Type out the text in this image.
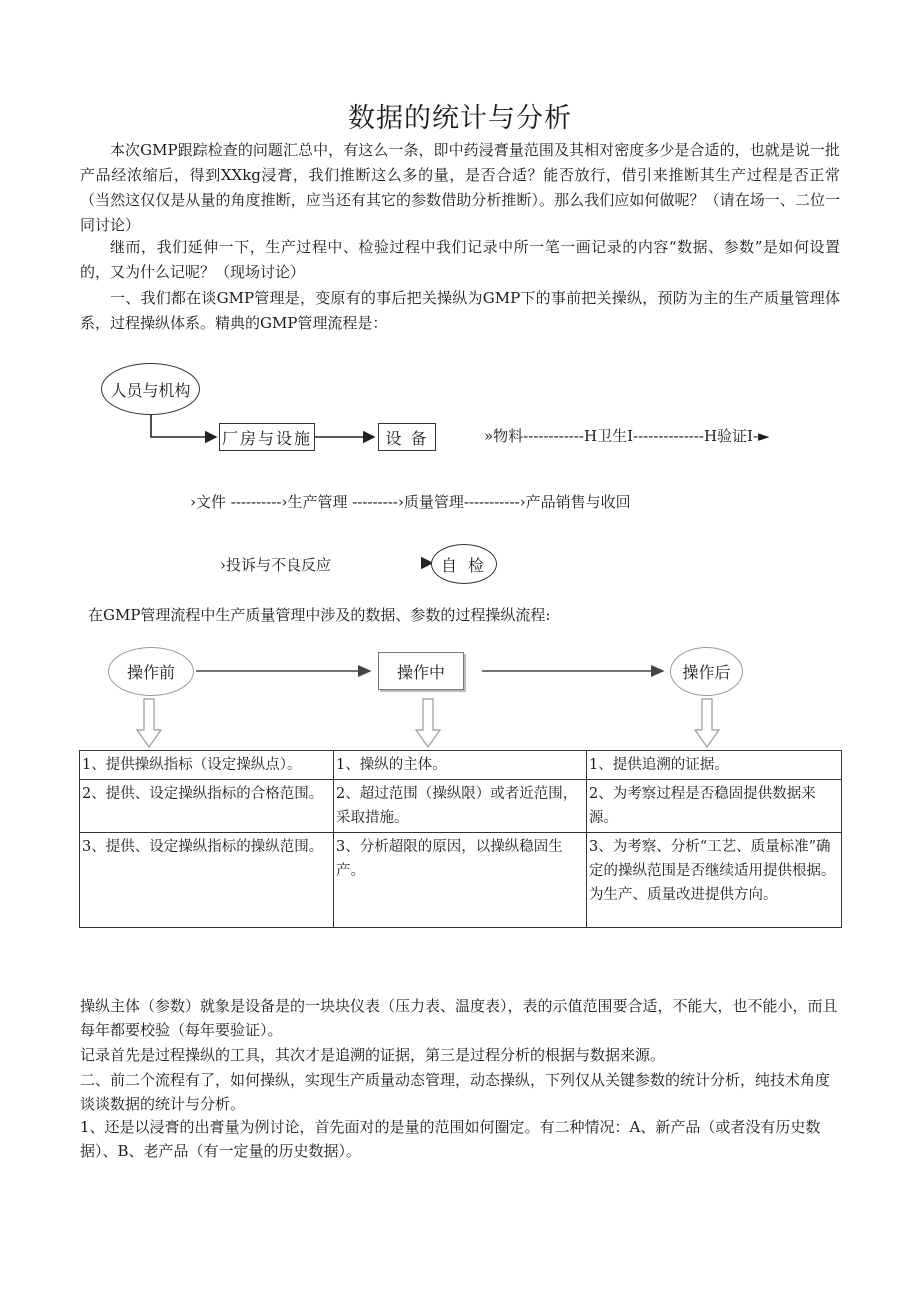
数据的统计与分析
本次GMP跟踪检查的问题汇总中，有这么一条，即中药浸膏量范围及其相对密度多少是合适的，也就是说一批产品经浓缩后，得到XXkg浸膏，我们推断这么多的量，是否合适？能否放行，借引来推断其生产过程是否正常（当然这仅仅是从量的角度推断，应当还有其它的参数借助分析推断）。那么我们应如何做呢？（请在场一、二位一同讨论）
继而，我们延伸一下，生产过程中、检验过程中我们记录中所一笔一画记录的内容“数据、参数”是如何设置的，又为什么记呢？（现场讨论）
一、我们都在谈GMP管理是，变原有的事后把关操纵为GMP下的事前把关操纵，预防为主的生产质量管理体系，过程操纵体系。精典的GMP管理流程是：
人员与机构
厂房与设施	设 备	»物料------------H卫生I--------------H验证I-►
›文件 ----------›生产管理 ---------›质量管理-----------›产品销售与收回
›投诉与不良反应	自 检
在GMP管理流程中生产质量管理中涉及的数据、参数的过程操纵流程:
操作前	操作中	操作后
1、提供操纵指标（设定操纵点）。	1、操纵的主体。	1、提供追溯的证据。
2、提供、设定操纵指标的合格范围。	2、超过范围（操纵限）或者近范围，采取措施。	2、为考察过程是否稳固提供数据来源。
3、提供、设定操纵指标的操纵范围。	3、分析超限的原因，以操纵稳固生产。	3、为考察、分析“工艺、质量标准”确定的操纵范围是否继续适用提供根据。为生产、质量改进提供方向。
操纵主体（参数）就象是设备是的一块块仪表（压力表、温度表），表的示值范围要合适，不能大，也不能小，而且每年都要校验（每年要验证）。
记录首先是过程操纵的工具，其次才是追溯的证据，第三是过程分析的根据与数据来源。
二、前二个流程有了，如何操纵，实现生产质量动态管理，动态操纵，下列仅从关键参数的统计分析，纯技术角度谈谈数据的统计与分析。
1、还是以浸膏的出膏量为例讨论，首先面对的是量的范围如何圈定。有二种情况：A、新产品（或者没有历史数据）、B、老产品（有一定量的历史数据）。
